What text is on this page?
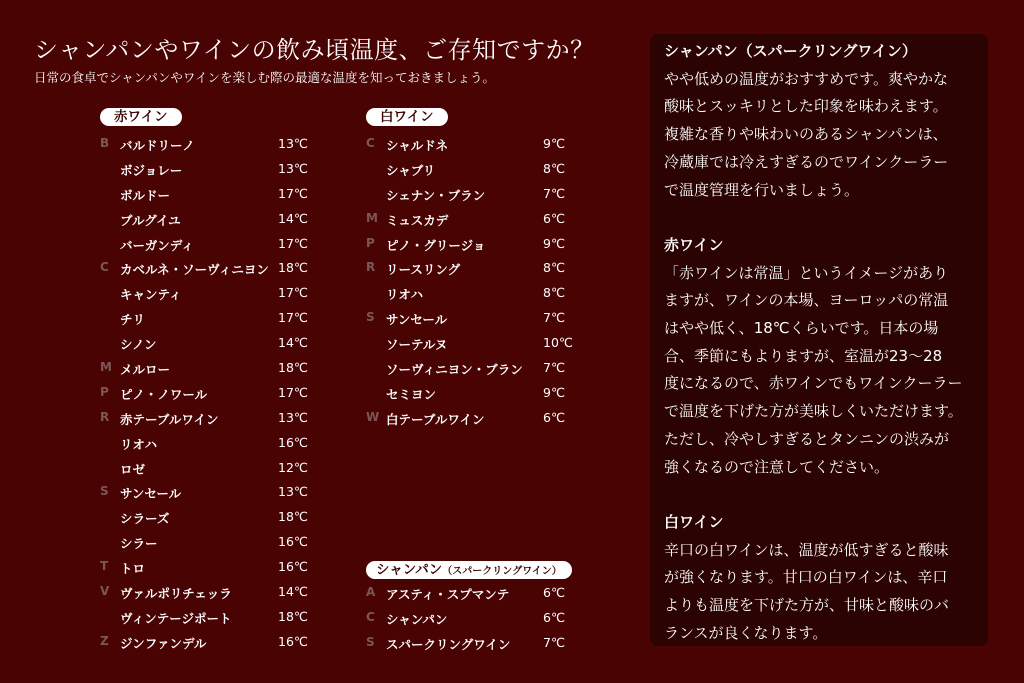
シャンパンやワインの飲み頃温度、ご存知ですか？
日常の食卓でシャンパンやワインを楽しむ際の最適な温度を知っておきましょう。
赤ワイン
B バルドリーノ	13℃
ボジョレー	13℃
ボルドー	17℃
ブルグイユ	14℃
バーガンディ	17℃
C カベルネ・ソーヴィニヨン 18℃
キャンティ	17℃
チリ	17℃
シノン	14℃
M メルロー	18℃
P ピノ・ノワール	17℃
R 赤テーブルワイン	13℃
リオハ	16℃
ロゼ	12℃
S サンセール	13℃
シラーズ	18℃
シラー	16℃
T トロ	16℃
V ヴァルポリチェッラ	14℃
ヴィンテージポート	18℃
Z ジンファンデル	16℃
白ワイン
C シャルドネ	9℃
シャブリ	8℃
シェナン・ブラン	7℃
M ミュスカデ	6℃
P ピノ・グリージョ	9℃
R リースリング	8℃
リオハ	8℃
S サンセール	7℃
ソーテルヌ	10℃
ソーヴィニヨン・ブラン 7℃
セミヨン	9℃
W 白テーブルワイン	6℃
シャンパン（スパークリングワイン）
A アスティ・スプマンテ	6℃
C シャンパン	6℃
S スパークリングワイン	7℃
シャンパン（スパークリングワイン）

やや低めの温度がおすすめです。爽やかな

酸味とスッキリとした印象を味わえます。

複雑な香りや味わいのあるシャンパンは、

冷蔵庫では冷えすぎるのでワインクーラー

で温度管理を行いましょう。

赤ワイン

「赤ワインは常温」というイメージがあり

ますが、ワインの本場、ヨーロッパの常温

はやや低く、18℃くらいです。日本の場

合、季節にもよりますが、室温が23〜28

度になるので、赤ワインでもワインクーラー

で温度を下げた方が美味しくいただけます。

ただし、冷やしすぎるとタンニンの渋みが

強くなるので注意してください。

白ワイン

辛口の白ワインは、温度が低すぎると酸味

が強くなります。甘口の白ワインは、辛口

よりも温度を下げた方が、甘味と酸味のバ

ランスが良くなります。
